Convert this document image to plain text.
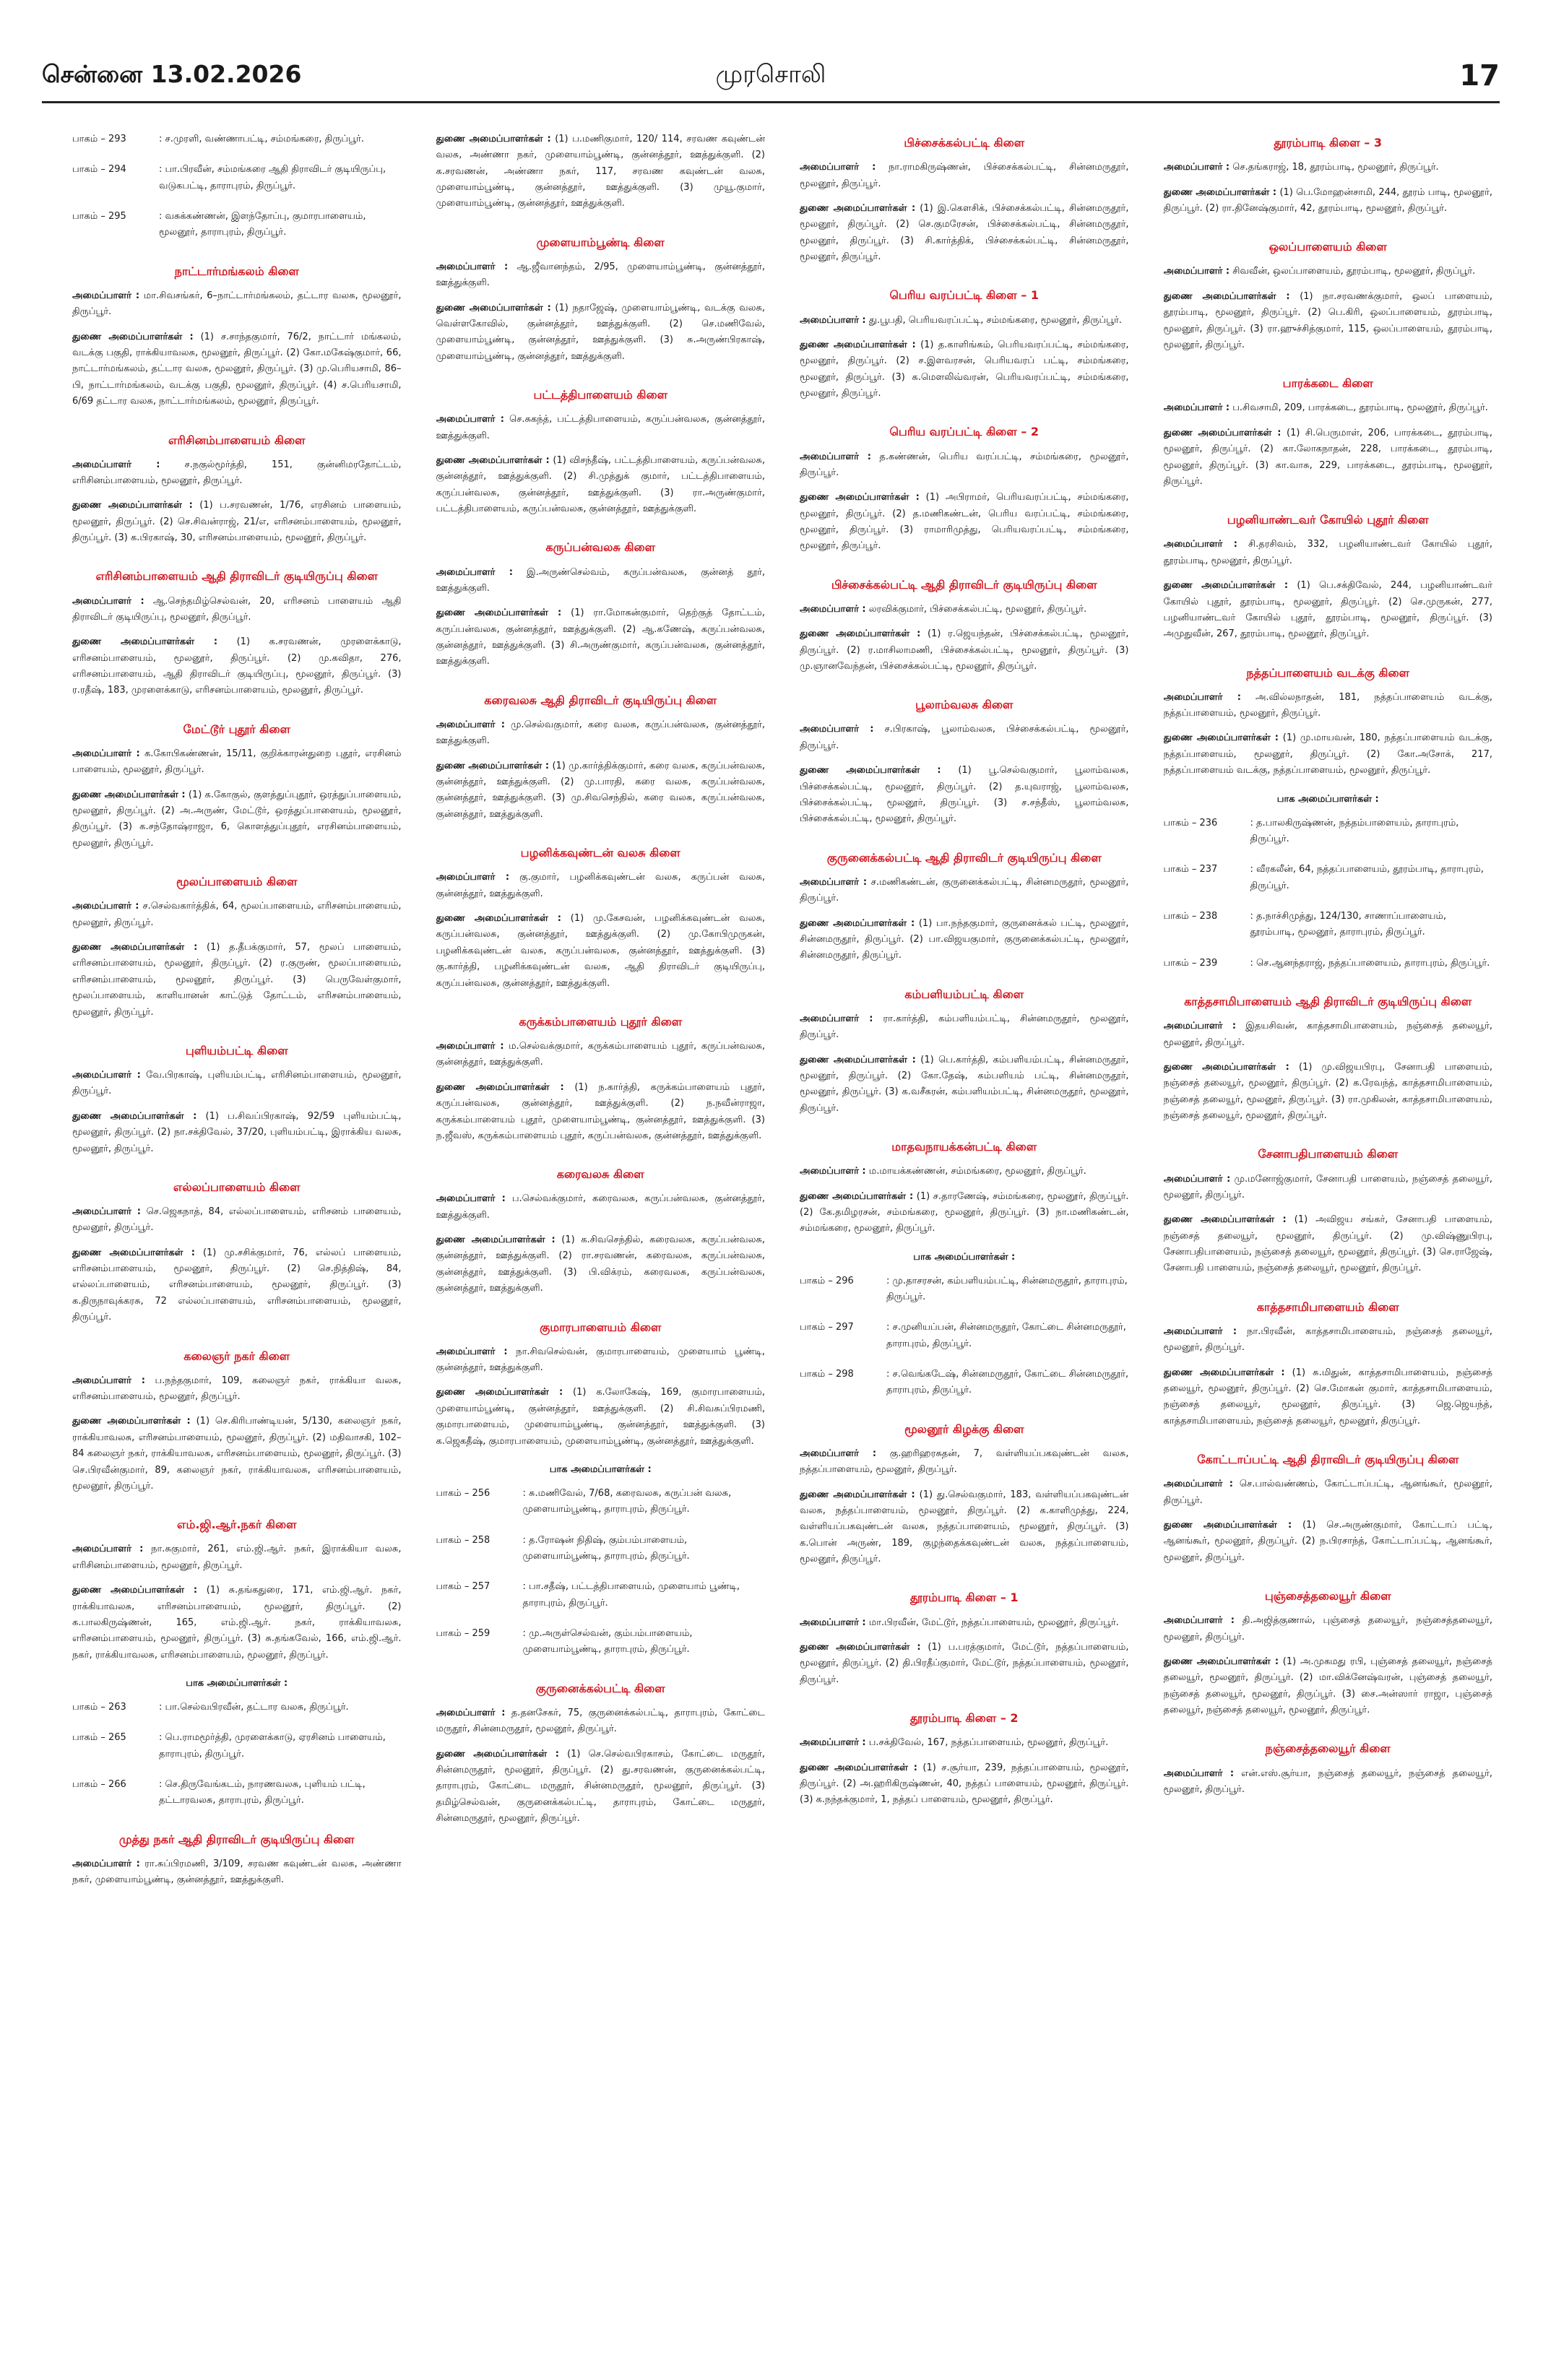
சென்னை 13.02.2026	முரசொலி	17
பாகம் – 293	: ச.முரளி, வண்ணாபட்டி, சம்மங்கரை, திருப்பூர்.
பாகம் – 294	: பா.பிரவீன், சம்மங்கரை ஆதி திராவிடர் குடியிருப்பு, வடுகபட்டி, தாராபுரம், திருப்பூர்.
பாகம் – 295	: வசுக்கண்ணன், இளந்தோப்பு, குமாரபாளையம், மூலனூர், தாராபுரம், திருப்பூர்.
நாட்டார்மங்கலம் கிளை

அமைப்பாளர் : மா.சிவசங்கர், 6–நாட்டார்மங்கலம், தட்டார வலசு, மூலனூர், திருப்பூர்.

துணை அமைப்பாளர்கள் : (1) ச.சாந்தகுமார், 76/2, நாட்டார் மங்கலம், வடக்கு பகுதி, ராக்கியாவலசு, மூலனூர், திருப்பூர். (2) கோ.மகேஷ்குமார், 66, நாட்டார்மங்கலம், தட்டார வலசு, மூலனூர், திருப்பூர். (3) மு.பெரியசாமி, 86–பி, நாட்டார்மங்கலம், வடக்கு பகுதி, மூலனூர், திருப்பூர். (4) ச.பெரியசாமி, 6/69 தட்டார வலசு, நாட்டார்மங்கலம், மூலனூர், திருப்பூர்.

எரிசினம்பாளையம் கிளை

அமைப்பாளர் :	ச.நகுல்மூர்த்தி, 151, குன்னிமரதோட்டம், எரிசினம்பாளையம், மூலனூர், திருப்பூர்.

துணை அமைப்பாளர்கள் : (1) ப.சரவணன், 1/76, எரசினம் பாளையம், மூலனூர், திருப்பூர். (2) செ.சிவன்ராஜ், 21/எ, எரிசனம்பாளையம், மூலனூர், திருப்பூர். (3) க.பிரகாஷ், 30, எரிசனம்பாளையம், மூலனூர், திருப்பூர்.

எரிசினம்பாளையம் ஆதி திராவிடர் குடியிருப்பு கிளை

அமைப்பாளர் : ஆ.செந்தமிழ்செல்வன், 20, எரிசனம் பாளையம் ஆதி திராவிடர் குடியிருப்பு, மூலனூர், திருப்பூர்.

துணை அமைப்பாளர்கள் : (1) க.சரவணன், முரளைக்காடு, எரிசனம்பாளையம், மூலனூர், திருப்பூர். (2) மு.கவிதா, 276, எரிசனம்பாளையம், ஆதி திராவிடர் குடியிருப்பு, மூலனூர், திருப்பூர். (3) ர.ரதீஷ், 183, முரளைக்காடு, எரிசனம்பாளையம், மூலனூர், திருப்பூர்.

மேட்டூர் புதூர் கிளை

அமைப்பாளர் : க.கோபிகண்ணன், 15/11, குறிக்காரன்துறை புதூர், எரசினம் பாளையம், மூலனூர், திருப்பூர்.

துணை அமைப்பாளர்கள் : (1) க.கோகுல், குளத்துப்புதூர், ஒரத்துப்பாளையம், மூலனூர், திருப்பூர். (2) அ.அருண், மேட்டூர், ஒரத்துப்பாளையம், மூலனூர், திருப்பூர். (3) க.சந்தோஷ்ராஜா, 6, கொளத்துப்புதூர், எரசினம்பாளையம், மூலனூர், திருப்பூர்.

மூலப்பாளையம் கிளை

அமைப்பாளர் : ச.செல்வகார்த்திக், 64, மூலப்பாளையம், எரிசனம்பாளையம், மூலனூர், திருப்பூர்.

துணை அமைப்பாளர்கள் : (1) த.தீபக்குமார், 57, மூலப் பாளையம், எரிசனம்பாளையம், மூலனூர், திருப்பூர். (2) ர.குருண், மூலப்பாளையம், எரிசனம்பாளையம், மூலனூர், திருப்பூர். (3) பெருவேள்குமார், மூலப்பாளையம், காளியானன் காட்டுத் தோட்டம், எரிசனம்பாளையம், மூலனூர், திருப்பூர்.

புளியம்பட்டி கிளை

அமைப்பாளர் : வே.பிரகாஷ், புளியம்பட்டி, எரிசினம்பாளையம், மூலனூர், திருப்பூர்.

துணை அமைப்பாளர்கள் : (1) ப.சிவப்பிரகாஷ், 92/59 புளியம்பட்டி, மூலனூர், திருப்பூர். (2) நா.சக்திவேல், 37/20, புளியம்பட்டி, இராக்கிய வலசு, மூலனூர், திருப்பூர்.

எல்லப்பாளையம் கிளை

அமைப்பாளர் : செ.ஜெகநாத், 84, எல்லப்பாளையம், எரிசனம் பாளையம், மூலனூர், திருப்பூர்.

துணை அமைப்பாளர்கள் : (1) மு.சசிக்குமார், 76, எல்லப் பாளையம், எரிசனம்பாளையம், மூலனூர், திருப்பூர். (2) செ.நித்திஷ், 84, எல்லப்பாளையம், எரிசனம்பாளையம், மூலனூர், திருப்பூர். (3) க.திருநாவுக்கரசு, 72 எல்லப்பாளையம், எரிசனம்பாளையம், மூலனூர், திருப்பூர்.

கலைஞர் நகர் கிளை

அமைப்பாளர் : ப.நந்தகுமார், 109, கலைஞர் நகர், ராக்கியா வலசு, எரிசனம்பாளையம், மூலனூர், திருப்பூர்.

துணை அமைப்பாளர்கள் : (1) செ.கிரிபாண்டியன், 5/130, கலைஞர் நகர், ராக்கியாவலசு, எரிசனம்பாளையம், மூலனூர், திருப்பூர். (2) மதிவாசகி, 102–84 கலைஞர் நகர், ராக்கியாவலசு, எரிசனம்பாளையம், மூலனூர், திருப்பூர். (3) செ.பிரவீன்குமார், 89, கலைஞர் நகர், ராக்கியாவலசு, எரிசனம்பாளையம், மூலனூர், திருப்பூர்.

எம்.ஜி.ஆர்.நகர் கிளை

அமைப்பாளர் : நா.சுகுமார், 261, எம்.ஜி.ஆர். நகர், இராக்கியா வலசு, எரிசினம்பாளையம், மூலனூர், திருப்பூர்.

துணை அமைப்பாளர்கள் : (1) சு.தங்கதுரை, 171, எம்.ஜி.ஆர். நகர், ராக்கியாவலசு, எரிசனம்பாளையம், மூலனூர், திருப்பூர். (2) க.பாலகிருஷ்ணன், 165, எம்.ஜி.ஆர். நகர், ராக்கியாவலசு, எரிசனம்பாளையம், மூலனூர், திருப்பூர். (3) சு.தங்கவேல், 166, எம்.ஜி.ஆர். நகர், ராக்கியாவலசு, எரிசனம்பாளையம், மூலனூர், திருப்பூர்.

பாக அமைப்பாளர்கள் :
பாகம் – 263	: பா.செல்வபிரவீன், தட்டார வலசு, திருப்பூர்.
பாகம் – 265	: பெ.ராமமூர்த்தி, முரளைக்காடு, ஏரசினம் பாளையம், தாராபுரம், திருப்பூர்.
பாகம் – 266	: செ.திருவேங்கடம், நாரணவலசு, புளியம் பட்டி, தட்டாரவலசு, தாராபுரம், திருப்பூர்.
முத்து நகர் ஆதி திராவிடர் குடியிருப்பு கிளை

அமைப்பாளர் : ரா.சுப்பிரமணி, 3/109, சரவண கவுண்டன் வலசு, அண்ணா நகர், முளையாம்பூண்டி, குன்னத்தூர், ஊத்துக்குளி.

துணை அமைப்பாளர்கள் : (1) ப.மணிகுமார், 120/ 114, சரவண கவுண்டன் வலசு, அண்ணா நகர், முளையாம்பூண்டி, குன்னத்தூர், ஊத்துக்குளி. (2) க.சரவணன், அண்ணா நகர், 117, சரவண கவுண்டன் வலசு, முளையாம்பூண்டி, குன்னத்தூர், ஊத்துக்குளி. (3) முயூ.குமார், முளையாம்பூண்டி, குன்னத்தூர், ஊத்துக்குளி.

முளையாம்பூண்டி கிளை

அமைப்பாளர் : ஆ.ஜீவானந்தம், 2/95, முளையாம்பூண்டி, குன்னத்தூர், ஊத்துக்குளி.

துணை அமைப்பாளர்கள் : (1) நதாஜேஷ், முளையாம்பூண்டி, வடக்கு வலசு, வெள்ளகோவில், குன்னத்தூர், ஊத்துக்குளி. (2) செ.மணிவேல், முளையாம்பூண்டி, குன்னத்தூர், ஊத்துக்குளி. (3) சு.அருண்பிரகாஷ், முளையாம்பூண்டி, குன்னத்தூர், ஊத்துக்குளி.

பட்டத்திபாளையம் கிளை

அமைப்பாளர் : செ.சுகந்த், பட்டத்திபாளையம், கருப்பன்வலசு, குன்னத்தூர், ஊத்துக்குளி.

துணை அமைப்பாளர்கள் : (1) விசந்தீஷ், பட்டத்திபாளையம், கருப்பன்வலசு, குன்னத்தூர், ஊத்துக்குளி. (2) சி.முத்துக் குமார், பட்டத்திபாளையம், கருப்பன்வலசு, குன்னத்தூர், ஊத்துக்குளி. (3) ரா.அருண்குமார், பட்டத்திபாளையம், கருப்பன்வலசு, குன்னத்தூர், ஊத்துக்குளி.

கருப்பன்வலசு கிளை

அமைப்பாளர் : இ.அருண்செல்வம், கருப்பன்வலசு, குன்னத் தூர், ஊத்துக்குளி.

துணை அமைப்பாளர்கள் : (1) ரா.மோகன்குமார், தெற்குத் தோட்டம், கருப்பன்வலசு, குன்னத்தூர், ஊத்துக்குளி. (2) ஆ.கணேஷ், கருப்பன்வலசு, குன்னத்தூர், ஊத்துக்குளி. (3) சி.அருண்குமார், கருப்பன்வலசு, குன்னத்தூர், ஊத்துக்குளி.

கரைவலசு ஆதி திராவிடர் குடியிருப்பு கிளை

அமைப்பாளர் : மு.செல்வகுமார், கரை வலசு, கருப்பன்வலசு, குன்னத்தூர், ஊத்துக்குளி.

துணை அமைப்பாளர்கள் : (1) மு.கார்த்திக்குமார், கரை வலசு, கருப்பன்வலசு, குன்னத்தூர், ஊத்துக்குளி. (2) மு.பாரதி, கரை வலசு, கருப்பன்வலசு, குன்னத்தூர், ஊத்துக்குளி. (3) மு.சிவசெந்தில், கரை வலசு, கருப்பன்வலசு, குன்னத்தூர், ஊத்துக்குளி.

பழனிக்கவுண்டன் வலசு கிளை

அமைப்பாளர் : கு.குமார், பழனிக்கவுண்டன் வலசு, கருப்பன் வலசு, குன்னத்தூர், ஊத்துக்குளி.

துணை அமைப்பாளர்கள் : (1) மு.கேசவன், பழனிக்கவுண்டன் வலசு, கருப்பன்வலசு, குன்னத்தூர், ஊத்துக்குளி. (2) மு.கோபிமுருகன், பழனிக்கவுண்டன் வலசு, கருப்பன்வலசு, குன்னத்தூர், ஊத்துக்குளி. (3) கு.கார்த்தி, பழனிக்கவுண்டன் வலசு, ஆதி திராவிடர் குடியிருப்பு, கருப்பன்வலசு, குன்னத்தூர், ஊத்துக்குளி.

கருக்கம்பாளையம் புதூர் கிளை

அமைப்பாளர் : ம.செல்வக்குமார், கருக்கம்பாளையம் புதூர், கருப்பன்வலசு, குன்னத்தூர், ஊத்துக்குளி.

துணை அமைப்பாளர்கள் : (1) ந.கார்த்தி, கருக்கம்பாளையம் புதூர், கருப்பன்வலசு, குன்னத்தூர், ஊத்துக்குளி. (2) ந.நவீன்ராஜா, கருக்கம்பாளையம் புதூர், முளையாம்பூண்டி, குன்னத்தூர், ஊத்துக்குளி. (3) ந.ஜீவஸ், கருக்கம்பாளையம் புதூர், கருப்பன்வலசு, குன்னத்தூர், ஊத்துக்குளி.

கரைவலசு கிளை

அமைப்பாளர் : ப.செல்வக்குமார், கரைவலசு, கருப்பன்வலசு, குன்னத்தூர், ஊத்துக்குளி.

துணை அமைப்பாளர்கள் : (1) க.சிவசெந்தில், கரைவலசு, கருப்பன்வலசு, குன்னத்தூர், ஊத்துக்குளி. (2) ரா.சரவணன், கரைவலசு, கருப்பன்வலசு, குன்னத்தூர், ஊத்துக்குளி. (3) பி.விக்ரம், கரைவலசு, கருப்பன்வலசு, குன்னத்தூர், ஊத்துக்குளி.

குமாரபாளையம் கிளை

அமைப்பாளர் : நா.சிவசெல்வன், குமாரபாளையம், முளையாம் பூண்டி, குன்னத்தூர், ஊத்துக்குளி.

துணை அமைப்பாளர்கள் : (1) க.லோகேஷ், 169, குமாரபாளையம், முளையாம்பூண்டி, குன்னத்தூர், ஊத்துக்குளி. (2) சி.சிவசுப்பிரமணி, குமாரபாளையம், முளையாம்பூண்டி, குன்னத்தூர், ஊத்துக்குளி. (3) க.ஜெகதீஷ், குமாரபாளையம், முளையாம்பூண்டி, குன்னத்தூர், ஊத்துக்குளி.

பாக அமைப்பாளர்கள் :
பாகம் – 256	: சு.மணிவேல், 7/68, கரைவலசு, கருப்பன் வலசு, முளையாம்பூண்டி, தாராபுரம், திருப்பூர்.
பாகம் – 258	: த.ரோஷன் நிதிஷ், கும்பம்பாளையம், முளையாம்பூண்டி, தாராபுரம், திருப்பூர்.
பாகம் – 257	: பா.சதீஷ், பட்டத்திபாளையம், முளையாம் பூண்டி, தாராபுரம், திருப்பூர்.
பாகம் – 259	: மு.அருள்செல்வன், கும்பம்பாளையம், முளையாம்பூண்டி, தாராபுரம், திருப்பூர்.
குருனைக்கல்பட்டி கிளை

அமைப்பாளர் : த.தனசேகர், 75, குருனைக்கல்பட்டி, தாராபுரம், கோட்டை மருதூர், சின்னமருதூர், மூலனூர், திருப்பூர்.

துணை அமைப்பாளர்கள் : (1) செ.செல்வபிரகாசம், கோட்டை மருதூர், சின்னமருதூர், மூலனூர், திருப்பூர். (2) து.சரவணன், குருனைக்கல்பட்டி, தாராபுரம், கோட்டை மருதூர், சின்னமருதூர், மூலனூர், திருப்பூர். (3) தமிழ்செல்வன், குருனைக்கல்பட்டி, தாராபுரம், கோட்டை மருதூர், சின்னமருதூர், மூலனூர், திருப்பூர்.

பிச்சைக்கல்பட்டி கிளை

அமைப்பாளர் : நா.ராமகிருஷ்ணன், பிச்சைக்கல்பட்டி, சின்னமருதூர், மூலனூர், திருப்பூர்.

துணை அமைப்பாளர்கள் : (1) இ.கௌசிக், பிச்சைக்கல்பட்டி, சின்னமருதூர், மூலனூர், திருப்பூர். (2) செ.குமரேசன், பிச்சைக்கல்பட்டி, சின்னமருதூர், மூலனூர், திருப்பூர். (3) சி.கார்த்திக், பிச்சைக்கல்பட்டி, சின்னமருதூர், மூலனூர், திருப்பூர்.

பெரிய வரப்பட்டி கிளை – 1

அமைப்பாளர் : து.பூபதி, பெரியவரப்பட்டி, சம்மங்கரை, மூலனூர், திருப்பூர்.

துணை அமைப்பாளர்கள் : (1) த.காளிங்கம், பெரியவரப்பட்டி, சம்மங்கரை, மூலனூர், திருப்பூர். (2) ச.இளவரசன், பெரியவரப் பட்டி, சம்மங்கரை, மூலனூர், திருப்பூர். (3) க.மௌலிவ்வரன், பெரியவரப்பட்டி, சம்மங்கரை, மூலனூர், திருப்பூர்.

பெரிய வரப்பட்டி கிளை – 2

அமைப்பாளர் : த.கண்ணன், பெரிய வரப்பட்டி, சம்மங்கரை, மூலனூர், திருப்பூர்.

துணை அமைப்பாளர்கள் : (1) அபிராமர், பெரியவரப்பட்டி, சம்மங்கரை, மூலனூர், திருப்பூர். (2) த.மணிகண்டன், பெரிய வரப்பட்டி, சம்மங்கரை, மூலனூர், திருப்பூர். (3) ராமாரிமுத்து, பெரியவரப்பட்டி, சம்மங்கரை, மூலனூர், திருப்பூர்.

பிச்சைக்கல்பட்டி ஆதி திராவிடர் குடியிருப்பு கிளை

அமைப்பாளர் : லரவிக்குமார், பிச்சைக்கல்பட்டி, மூலனூர், திருப்பூர்.

துணை அமைப்பாளர்கள் : (1) ர.ஜெயந்தன், பிச்சைக்கல்பட்டி, மூலனூர், திருப்பூர். (2) ர.மாசிலாமணி, பிச்சைக்கல்பட்டி, மூலனூர், திருப்பூர். (3) மு.ஞானவேந்தன், பிச்சைக்கல்பட்டி, மூலனூர், திருப்பூர்.

பூலாம்வலசு கிளை

அமைப்பாளர் : ச.பிரகாஷ், பூலாம்வலசு, பிச்சைக்கல்பட்டி, மூலனூர், திருப்பூர்.

துணை அமைப்பாளர்கள் : (1) பூ.செல்வகுமார், பூலாம்வலசு, பிச்சைக்கல்பட்டி, மூலனூர், திருப்பூர். (2) த.யுவராஜ், பூலாம்வலசு, பிச்சைக்கல்பட்டி, மூலனூர், திருப்பூர். (3) ச.சந்தீஸ், பூலாம்வலசு, பிச்சைக்கல்பட்டி, மூலனூர், திருப்பூர்.

குருனைக்கல்பட்டி ஆதி திராவிடர் குடியிருப்பு கிளை

அமைப்பாளர் : ச.மணிகண்டன், குருனைக்கல்பட்டி, சின்னமருதூர், மூலனூர், திருப்பூர்.

துணை அமைப்பாளர்கள் : (1) பா.நந்தகுமார், குருனைக்கல் பட்டி, மூலனூர், சின்னமருதூர், திருப்பூர். (2) பா.விஜயகுமார், குருனைக்கல்பட்டி, மூலனூர், சின்னமருதூர், திருப்பூர்.

கம்பளியம்பட்டி கிளை

அமைப்பாளர் : ரா.கார்த்தி, கம்பளியம்பட்டி, சின்னமருதூர், மூலனூர், திருப்பூர்.

துணை அமைப்பாளர்கள் : (1) பெ.கார்த்தி, கம்பளியம்பட்டி, சின்னமருதூர், மூலனூர், திருப்பூர். (2) கோ.தேஷ், கம்பளியம் பட்டி, சின்னமருதூர், மூலனூர், திருப்பூர். (3) க.வசீகரன், கம்பளியம்பட்டி, சின்னமருதூர், மூலனூர், திருப்பூர்.

மாதவநாயக்கன்பட்டி கிளை

அமைப்பாளர் : ம.மாயக்கண்ணன், சம்மங்கரை, மூலனூர், திருப்பூர்.

துணை அமைப்பாளர்கள் : (1) ச.தாரணேஷ், சம்மங்கரை, மூலனூர், திருப்பூர். (2) கே.தமிழரசன், சம்மங்கரை, மூலனூர், திருப்பூர். (3) நா.மணிகண்டன், சம்மங்கரை, மூலனூர், திருப்பூர்.

பாக அமைப்பாளர்கள் :
பாகம் – 296	: மு.தாசரசன், கம்பளியம்பட்டி, சின்னமருதூர், தாராபுரம், திருப்பூர்.
பாகம் – 297	: ச.முனியப்பன், சின்னமருதூர், கோட்டை சின்னமருதூர், தாராபுரம், திருப்பூர்.
பாகம் – 298	: ச.வெங்கடேஷ், சின்னமருதூர், கோட்டை சின்னமருதூர், தாராபுரம், திருப்பூர்.
மூலனூர் கிழக்கு கிளை

அமைப்பாளர் : கு.ஹரிஹரசுதன், 7, வள்ளியப்பகவுண்டன் வலசு, நத்தப்பாளையம், மூலனூர், திருப்பூர்.

துணை அமைப்பாளர்கள் : (1) து.செல்வகுமார், 183, வள்ளியப்பகவுண்டன் வலசு, நத்தப்பாளையம், மூலனூர், திருப்பூர். (2) க.காளிமுத்து, 224, வள்ளியப்பகவுண்டன் வலசு, நத்தப்பாளையம், மூலனூர், திருப்பூர். (3) க.பொன் அருண், 189, குழந்தைக்கவுண்டன் வலசு, நத்தப்பாளையம், மூலனூர், திருப்பூர்.

தூரம்பாடி கிளை – 1

அமைப்பாளர் : மா.பிரவீன், மேட்டூர், நத்தப்பாளையம், மூலனூர், திருப்பூர்.

துணை அமைப்பாளர்கள் : (1) ப.பரத்குமார், மேட்டூர், நத்தப்பாளையம், மூலனூர், திருப்பூர். (2) தி.பிரதீப்குமார், மேட்டூர், நத்தப்பாளையம், மூலனூர், திருப்பூர்.

தூரம்பாடி கிளை – 2

அமைப்பாளர் : ப.சக்திவேல், 167, நத்தப்பாளையம், மூலனூர், திருப்பூர்.

துணை அமைப்பாளர்கள் : (1) ச.சூர்யா, 239, நத்தப்பாளையம், மூலனூர், திருப்பூர். (2) அ.ஹரிகிருஷ்ணன், 40, நத்தப் பாளையம், மூலனூர், திருப்பூர். (3) க.நந்தக்குமார், 1, நத்தப் பாளையம், மூலனூர், திருப்பூர்.

தூரம்பாடி கிளை – 3

அமைப்பாளர் : செ.தங்கராஜ், 18, தூரம்பாடி, மூலனூர், திருப்பூர்.

துணை அமைப்பாளர்கள் : (1) பெ.மோஹன்சாமி, 244, தூரம் பாடி, மூலனூர், திருப்பூர். (2) ரா.தினேஷ்குமார், 42, தூரம்பாடி, மூலனூர், திருப்பூர்.

ஒலப்பாளையம் கிளை

அமைப்பாளர் : சிவவீன், ஒலப்பாளையம், தூரம்பாடி, மூலனூர், திருப்பூர்.

துணை அமைப்பாளர்கள் : (1) நா.சரவணக்குமார், ஒலப் பாளையம், தூரம்பாடி, மூலனூர், திருப்பூர். (2) பெ.கிரி, ஒலப்பாளையம், தூரம்பாடி, மூலனூர், திருப்பூர். (3) ரா.ஹுச்சித்குமார், 115, ஒலப்பாளையம், தூரம்பாடி, மூலனூர், திருப்பூர்.

பாரக்கடை கிளை

அமைப்பாளர் : ப.சிவசாமி, 209, பாரக்கடை, தூரம்பாடி, மூலனூர், திருப்பூர்.

துணை அமைப்பாளர்கள் : (1) சி.பெருமாள், 206, பாரக்கடை, தூரம்பாடி, மூலனூர், திருப்பூர். (2) கா.லோகநாதன், 228, பாரக்கடை, தூரம்பாடி, மூலனூர், திருப்பூர். (3) கா.வாசு, 229, பாரக்கடை, தூரம்பாடி, மூலனூர், திருப்பூர்.

பழனியாண்டவர் கோயில் புதூர் கிளை

அமைப்பாளர் : சி.தரசிவம், 332, பழனியாண்டவர் கோயில் புதூர், தூரம்பாடி, மூலனூர், திருப்பூர்.

துணை அமைப்பாளர்கள் : (1) பெ.சக்திவேல், 244, பழனியாண்டவர் கோயில் புதூர், தூரம்பாடி, மூலனூர், திருப்பூர். (2) செ.முருகன், 277, பழனியாண்டவர் கோயில் புதூர், தூரம்பாடி, மூலனூர், திருப்பூர். (3) அமுதுவீன், 267, தூரம்பாடி, மூலனூர், திருப்பூர்.

நத்தப்பாளையம் வடக்கு கிளை

அமைப்பாளர் : அ.வில்லநாதன், 181, நத்தப்பாளையம் வடக்கு, நத்தப்பாளையம், மூலனூர், திருப்பூர்.

துணை அமைப்பாளர்கள் : (1) மு.மாயவன், 180, நத்தப்பாளையம் வடக்கு, நத்தப்பாளையம், மூலனூர், திருப்பூர். (2) கோ.அசோக், 217, நத்தப்பாளையம் வடக்கு, நத்தப்பாளையம், மூலனூர், திருப்பூர்.

பாக அமைப்பாளர்கள் :
பாகம் – 236	: த.பாலகிருஷ்ணன், நத்தம்பாளையம், தாராபுரம், திருப்பூர்.
பாகம் – 237	: வீரகலீன், 64, நத்தப்பாளையம், தூரம்பாடி, தாராபுரம், திருப்பூர்.
பாகம் – 238	: த.நாச்சிமுத்து, 124/130, சாணாப்பாளையம், தூரம்பாடி, மூலனூர், தாராபுரம், திருப்பூர்.
பாகம் – 239	: செ.ஆனந்தராஜ், நத்தப்பாளையம், தாராபுரம், திருப்பூர்.
காத்தசாமிபாளையம் ஆதி திராவிடர் குடியிருப்பு கிளை

அமைப்பாளர் : இதயசிவன், காத்தசாமிபாளையம், நஞ்சைத் தலையூர், மூலனூர், திருப்பூர்.

துணை அமைப்பாளர்கள் : (1) மு.விஜயபிரபு, சேனாபதி பாளையம், நஞ்சைத் தலையூர், மூலனூர், திருப்பூர். (2) க.ரேவந்த், காத்தசாமிபாளையம், நஞ்சைத் தலையூர், மூலனூர், திருப்பூர். (3) ரா.முகிலன், காத்தசாமிபாளையம், நஞ்சைத் தலையூர், மூலனூர், திருப்பூர்.

சேனாபதிபாளையம் கிளை

அமைப்பாளர் : மு.மனோஜ்குமார், சேனாபதி பாளையம், நஞ்சைத் தலையூர், மூலனூர், திருப்பூர்.

துணை அமைப்பாளர்கள் : (1) அவிஜய சங்கர், சேனாபதி பாளையம், நஞ்சைத் தலையூர், மூலனூர், திருப்பூர். (2) மு.விஷ்ணுபிரபு, சேனாபதிபாளையம், நஞ்சைத் தலையூர், மூலனூர், திருப்பூர். (3) செ.ராஜேஷ், சேனாபதி பாளையம், நஞ்சைத் தலையூர், மூலனூர், திருப்பூர்.

காத்தசாமிபாளையம் கிளை

அமைப்பாளர் : நா.பிரவீன், காத்தசாமிபாளையம், நஞ்சைத் தலையூர், மூலனூர், திருப்பூர்.

துணை அமைப்பாளர்கள் : (1) சு.மிதுன், காத்தசாமிபாளையம், நஞ்சைத் தலையூர், மூலனூர், திருப்பூர். (2) செ.மோகன் குமார், காத்தசாமிபாளையம், நஞ்சைத் தலையூர், மூலனூர், திருப்பூர். (3) ஜெ.ஜெயந்த், காத்தசாமிபாளையம், நஞ்சைத் தலையூர், மூலனூர், திருப்பூர்.

கோட்டாப்பட்டி ஆதி திராவிடர் குடியிருப்பு கிளை

அமைப்பாளர் : செ.பால்வண்ணம், கோட்டாப்பட்டி, ஆனங்கூர், மூலனூர், திருப்பூர்.

துணை அமைப்பாளர்கள் : (1) செ.அருண்குமார், கோட்டாப் பட்டி, ஆனங்கூர், மூலனூர், திருப்பூர். (2) ந.பிரசாந்த், கோட்டாப்பட்டி, ஆனங்கூர், மூலனூர், திருப்பூர்.

புஞ்சைத்தலையூர் கிளை

அமைப்பாளர் : தி.அஜித்குணால், புஞ்சைத் தலையூர், நஞ்சைத்தலையூர், மூலனூர், திருப்பூர்.

துணை அமைப்பாளர்கள் : (1) அ.முகமது ரபி, புஞ்சைத் தலையூர், நஞ்சைத் தலையூர், மூலனூர், திருப்பூர். (2) மா.விக்னேஷ்வரன், புஞ்சைத் தலையூர், நஞ்சைத் தலையூர், மூலனூர், திருப்பூர். (3) சை.அன்ஸார் ராஜா, புஞ்சைத் தலையூர், நஞ்சைத் தலையூர், மூலனூர், திருப்பூர்.

நஞ்சைத்தலையூர் கிளை

அமைப்பாளர் : என்.எஸ்.சூர்யா, நஞ்சைத் தலையூர், நஞ்சைத் தலையூர், மூலனூர், திருப்பூர்.
